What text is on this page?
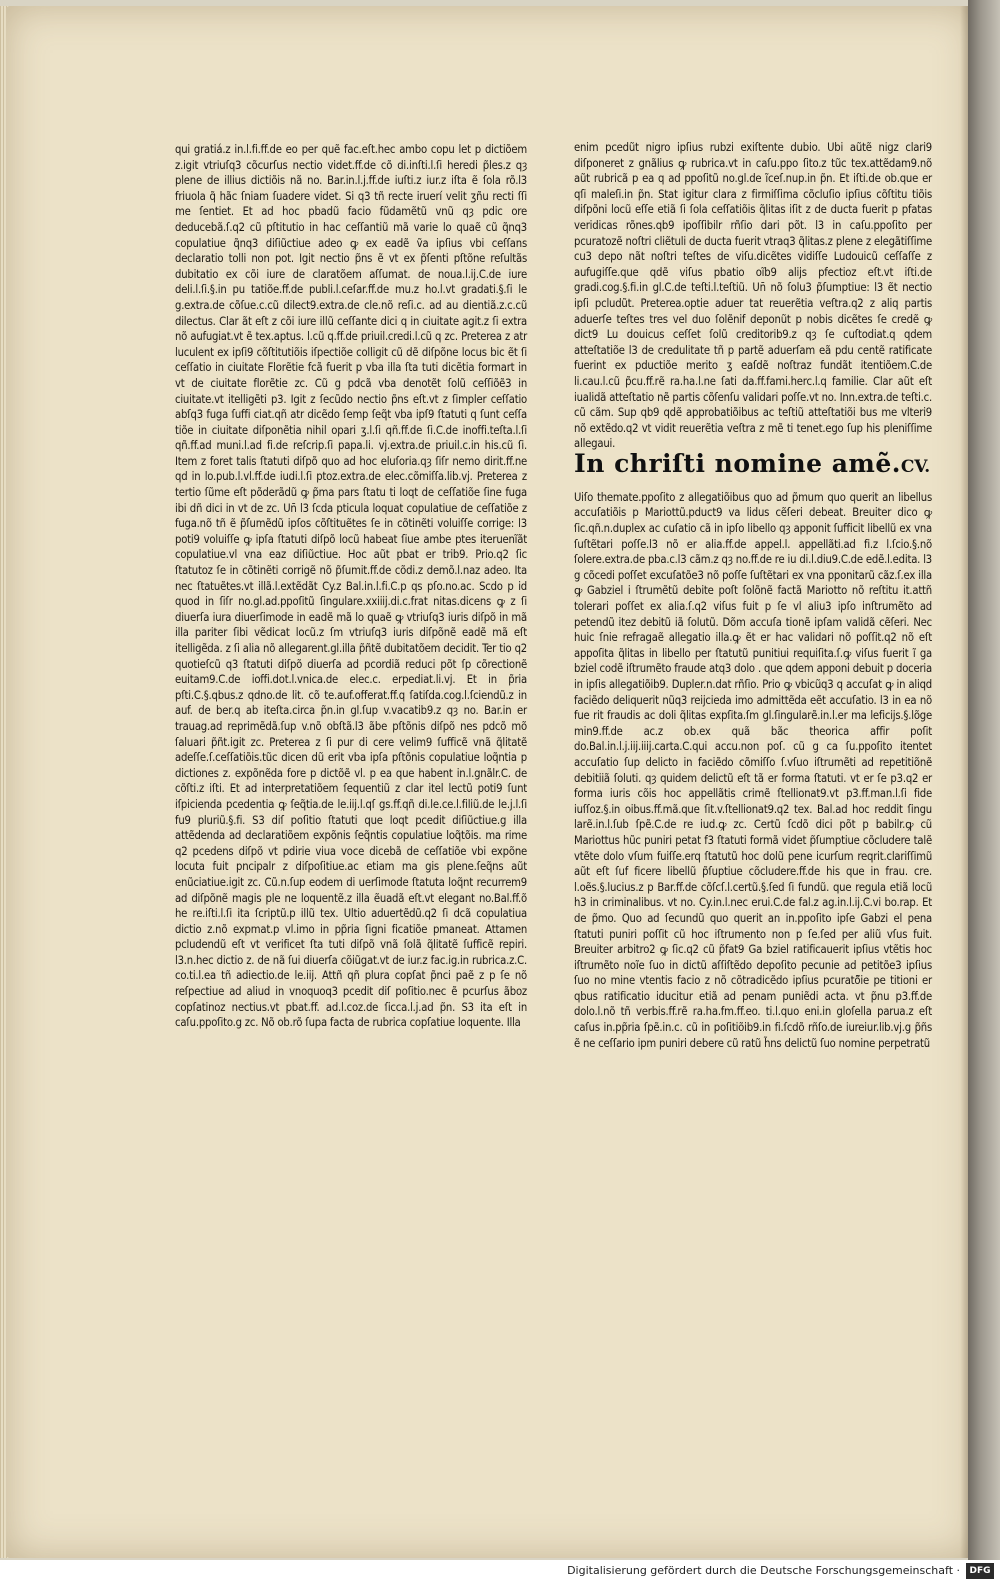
qui gratiá.z in.l.fi.ff.de eo per quẽ fac.eſt.hec ambo copu let p dictiõem z.igit vtriuſq3 cõcurſus nectio videt.ff.de cõ di.inſti.l.ſi heredi p̃les.z qȝ plene de illius dictiõis nã no. Bar.in.l.j.ff.de iuſti.z iur.z iſta ẽ ſola rõ.l3 friuola q̃ hãc ſniam ſuadere videt. Si q3 tñ recte iruerí velit ʒñu recti ſſi me ſentiet. Et ad hoc pbadũ facio fũdamẽtũ vnũ qȝ pdic ore deducebã.ſ.q2 cũ pſtitutio in hac ceſſantiũ mã varie lo quaẽ cũ q̃nq3 copulatiue q̃nq3 diſiũctiue adeo ꝙ ex eadẽ ṽa ipſius vbi ceſſans declaratio tolli non pot. Igit nectio p̃ns ẽ vt ex p̃ſenti pſtõne reſultãs dubitatio ex cõi iure de claratõem aſſumat. de noua.l.ij.C.de iure deli.l.ſi.§.in pu tatiõe.ff.de publi.l.ceſar.ff.de mu.z ho.l.vt gradati.§.ſi le g.extra.de cõſue.c.cũ dilect9.extra.de cle.nõ reſi.c. ad au dientiã.z.c.cũ dilectus. Clar ãt eſt z cõi iure illũ ceſſante dici q in ciuitate agit.z ſi extra nõ aufugiat.vt ẽ tex.aptus. l.cũ q.ff.de priuil.credi.l.cũ q zc. Preterea z atr luculent ex ipſi9 cõſtitutiõis iſpectiõe colligit cũ dẽ diſpõne locus bic ẽt ſi ceſſatio in ciuitate Florẽtie fcã fuerit p vba illa ſta tuti dicẽtia formart in vt de ciuitate florẽtie zc. Cũ g pdcã vba denotẽt ſolũ ceſſiõẽ3 in ciuitate.vt itelligẽti p3. Igit z ſecũdo nectio p̃ns eſt.vt z ſimpler ceſſatio abſq3 fuga ſuffi ciat.qñ atr dicẽdo ſemp ſeq̃t vba ipſ9 ſtatuti q ſunt ceſſa tiõe in ciuitate diſponẽtia nihil opari ʒ.l.ſi qñ.ff.de ſi.C.de inoffi.teſta.l.ſi qñ.ff.ad muni.l.ad fi.de reſcrip.ſi papa.li. vj.extra.de priuil.c.in his.cũ ſi. Item z foret talis ſtatuti diſpõ quo ad hoc eluſoria.qȝ ſiſr nemo dirit.ff.ne qd in lo.pub.l.vl.ff.de iudi.l.ſi ptoz.extra.de elec.cõmiſſa.lib.vj. Preterea z tertio ſũme eſt põderãdũ ꝙ p̃ma pars ſtatu ti loqt de ceſſatiõe ſine fuga ibi dñ dici in vt de zc. Un̄ l3 ſcda pticula loquat copulatiue de ceſſatiõe z fuga.nõ tñ ẽ p̃ſumẽdũ ipſos cõſtituẽtes ſe in cõtinẽti voluiſſe corrige: l3 poti9 voluiſſe ꝙ ipſa ſtatuti diſpõ locũ habeat ſiue ambe ptes iteruenĩãt copulatiue.vl vna eaz diſiũctiue. Hoc aũt pbat er trib9. Prio.q2 ſic ſtatutoz ſe in cõtinẽti corrigẽ nõ p̃ſumit.ff.de cõdi.z demõ.l.naz adeo. Ita nec ſtatuẽtes.vt illã.l.extẽdãt Cy.z Bal.in.l.fi.C.p qs pſo.no.ac. Scdo p id quod in ſiſr no.gl.ad.ppoſitũ ſingulare.xxiiij.di.c.frat nitas.dicens ꝙ z ſi diuerſa iura diuerſimode in eadẽ mã lo quaẽ ꝙ vtriuſq3 iuris diſpõ in mã illa pariter ſibi vẽdicat locũ.z ſm vtriuſq3 iuris diſpõnẽ eadẽ mã eſt itelligẽda. z ſi alia nõ allegarent.gl.illa p̃ñtẽ dubitatõem decidit. Ter tio q2 quotieſcũ q3 ſtatuti diſpõ diuerſa ad pcordiã reduci põt ſp cõrectionẽ euitam9.C.de ioffi.dot.l.vnica.de elec.c. erpediat.li.vj. Et in p̃ria pſti.C.§.qbus.z qdno.de lit. cõ te.auf.offerat.ff.q ſatiſda.cog.l.ſciendũ.z in auf. de ber.q ab iteſta.circa p̃n.in gl.ſup v.vacatib9.z qȝ no. Bar.in er trauag.ad reprimẽdã.ſup v.nõ obſtã.l3 ãbe pſtõnis diſpõ nes pdcõ mõ ſaluari p̃ñt.igit zc. Preterea z ſi pur di cere velim9 ſufficẽ vnã q̃litatẽ adeſſe.ſ.ceſſatiõis.tũc dicen dũ erit vba ipſa pſtõnis copulatiue loq̃ntia p dictiones z. expõnẽda fore p dictõẽ vl. p ea que habent in.l.gnãlr.C. de cõſti.z iſti. Et ad interpretatiõem ſequentiũ z clar itel lectũ poti9 ſunt iſpicienda pcedentia ꝙ ſeq̃tia.de le.iij.l.qſ gs.ff.qñ di.le.ce.l.filiũ.de le.j.l.ſi fu9 pluriũ.§.fi. S3 diſ poſitio ſtatuti que loqt pcedit diſiũctiue.g illa attẽdenda ad declaratiõem expõnis ſeq̃ntis copulatiue loq̃tõis. ma rime q2 pcedens diſpõ vt pdirie viua voce dicebã de ceſſatiõe vbi expõne locuta fuit pncipalr z diſpoſitiue.ac etiam ma gis plene.ſeq̃ns aũt enũciatiue.igit zc. Cũ.n.ſup eodem di uerſimode ſtatuta loq̃nt recurrem9 ad diſpõnẽ magis ple ne loquentẽ.z illa ẽuadã eſt.vt elegant no.Bal.ff.õ he re.iſti.l.ſi ita ſcriptũ.p illũ tex. Ultio aduertẽdũ.q2 ſi dcã copulatiua dictio z.nõ expmat.p vl.imo in pp̃ria ſigni ficatiõe pmaneat. Attamen pcludendũ eſt vt verificet ſta tuti diſpõ vnã ſolã q̃litatẽ ſufficẽ repiri. l3.n.hec dictio z. de nã ſui diuerſa cõiũgat.vt de iur.z fac.ig.in rubrica.z.C. co.ti.l.ea tñ adiectio.de le.iij. Attñ qñ plura copſat p̃nci paẽ z p ſe nõ reſpectiue ad aliud in vnoquoq3 pcedit diſ poſitio.nec ẽ pcurſus ãboz copſatinoz nectius.vt pbat.ff. ad.l.coz.de ſicca.l.j.ad p̃n. S3 ita eſt in caſu.ppoſito.g zc. Nõ ob.rõ ſupa facta de rubrica copſatiue loquente. Illa

enim pcedũt nigro ipſius rubzi exiſtente dubio. Ubi aũtẽ nigz clari9 diſponeret z gnãlius ꝙ rubrica.vt in caſu.ppo ſito.z tũc tex.attẽdam9.nõ aũt rubricã p ea q ad ppoſitũ no.gl.de ĩceſ.nup.in p̃n. Et iſti.de ob.que er qſi maleſi.in p̃n. Stat igitur clara z firmiſſima cõcluſio ipſius cõſtitu tiõis diſpõni locũ eſſe etiã ſi ſola ceſſatiõis q̃litas iſit z de ducta fuerit p pfatas veridicas rõnes.qb9 ipoſſibilr rñſio dari põt. l3 in caſu.ppoſito per pcuratozẽ noſtri cliẽtuli de ducta fuerit vtraq3 q̃litas.z plene z elegãtiſſime cu3 depo nãt noſtri teſtes de viſu.dicẽtes vidiſſe Ludouicũ ceſſaſſe z aufugiſſe.que qdẽ viſus pbatio oĩb9 alijs pfectioz eſt.vt iſti.de gradi.cog.§.fi.in gl.C.de teſti.l.teſtiũ. Un̄ nõ ſolu3 p̃ſumptiue: l3 ẽt nectio ipſi pcludũt. Preterea.optie aduer tat reuerẽtia veſtra.q2 z aliq partis aduerſe teſtes tres vel duo ſolẽnif deponũt p nobis dicẽtes ſe credẽ ꝙ dict9 Lu douicus ceſſet ſolũ creditorib9.z qȝ ſe cuſtodiat.q qdem atteſtatiõe l3 de credulitate tñ p partẽ aduerſam eã pdu centẽ ratificate fuerint ex pductiõe merito ʒ eaſdẽ noſtraz fundãt itentiõem.C.de li.cau.l.cũ p̃cu.ff.rẽ ra.ha.l.ne ſati da.ff.fami.herc.l.q familie. Clar aũt eſt iualidã atteſtatio nẽ partis cõſenſu validari poſſe.vt no. Inn.extra.de teſti.c. cũ cãm. Sup qb9 qdẽ approbatiõibus ac teſtiũ atteſtatiõi bus me vlteri9 nõ extẽdo.q2 vt vidit reuerẽtia veſtra z mẽ ti tenet.ego ſup his pleniſſime allegaui.

In chriſti nomine amẽ. CV.

Uiſo themate.ppoſito z allegatiõibus quo ad p̃mum quo querit an libellus accuſatiõis p Mariottũ.pduct9 va lidus cẽſeri debeat. Breuiter dico ꝙ ſic.qñ.n.duplex ac cuſatio cã in ipſo libello qȝ apponit ſufficit libellũ ex vna ſuſtẽtari poſſe.l3 nõ er alia.ff.de appel.l. appellãti.ad fi.z l.ſcio.§.nõ ſolere.extra.de pba.c.l3 cãm.z qȝ no.ff.de re iu di.l.diu9.C.de edẽ.l.edita. l3 g cõcedi poſſet excuſatõe3 nõ poſſe ſuſtẽtari ex vna pponitarũ cãz.ſ.ex illa ꝙ Gabziel i ſtrumẽtũ debite poſt ſolõnẽ factã Mariotto nõ reſtitu it.attñ tolerari poſſet ex alia.ſ.q2 viſus fuit p ſe vl aliu3 ipſo inſtrumẽto ad petendũ itez debitũ iã ſolutũ. Dõm accuſa tionẽ ipſam validã cẽſeri. Nec huic ſnie refragaẽ allegatio illa.ꝙ ẽt er hac validari nõ poſſit.q2 nõ eſt appoſita q̃litas in libello per ſtatutũ punitiui requiſita.ſ.ꝙ viſus fuerit ĩ ga bziel codẽ iſtrumẽto fraude atq3 dolo . que qdem apponi debuit p doceria in ipſis allegatiõib9. Dupler.n.dat rñſio. Prio ꝙ vbicũq3 q accuſat ꝙ in aliqd faciẽdo deliquerit nũq3 reijcieda imo admittẽda eẽt accuſatio. l3 in ea nõ fue rit fraudis ac doli q̃litas expſita.ſm gl.ſingularẽ.in.l.er ma leficijs.§.lõge min9.ff.de ac.z ob.ex quã bãc theorica affir poſit do.Bal.in.l.j.iij.iiij.carta.C.qui accu.non poſ. cũ g ca ſu.ppoſito itentet accuſatio ſup delicto in faciẽdo cõmiſſo ſ.vſuo iſtrumẽti ad repetitiõnẽ debitiiã ſoluti. qȝ quidem delictũ eſt tã er forma ſtatuti. vt er ſe p3.q2 er forma iuris cõis hoc appellãtis crimẽ ſtellionat9.vt p3.ff.man.l.ſi fide iuſſoz.§.in oibus.ff.mã.que ſit.v.ſtellionat9.q2 tex. Bal.ad hoc reddit ſingu larẽ.in.l.ſub ſpẽ.C.de re iud.ꝙ zc. Certũ ſcdõ dici põt p babilr.ꝙ cũ Mariottus hũc puniri petat f3 ſtatuti formã videt p̃ſumptiue cõcludere talẽ vtẽte dolo vſum fuiſſe.erq ſtatutũ hoc dolũ pene icurſum reqrit.clariſſimũ aũt eſt ſuf ficere libellũ p̃ſuptiue cõcludere.ff.de his que in frau. cre. l.oẽs.§.lucius.z p Bar.ff.de cõſcſ.l.certũ.§.ſed ſi fundũ. que regula etiã locũ h3 in criminalibus. vt no. Cy.in.l.nec erui.C.de fal.z ag.in.l.ij.C.vi bo.rap. Et de p̃mo. Quo ad ſecundũ quo querit an in.ppoſito ipſe Gabzi el pena ſtatuti puniri poſſit cũ hoc iſtrumento non p ſe.ſed per aliũ vſus fuit. Breuiter arbitro2 ꝙ ſic.q2 cũ p̃fat9 Ga bziel ratificauerit ipſius vtẽtis hoc iſtrumẽto noĩe ſuo in dictũ aſſiſtẽdo depoſito pecunie ad petitõe3 ipſius ſuo no mine vtentis facio z nõ cõtradicẽdo ipſius pcuratõ̃ie pe titioni er qbus ratificatio iducitur etiã ad penam puniẽdi acta. vt p̃nu p3.ff.de dolo.l.nõ tñ verbis.ff.rẽ ra.ha.fm.ff.eo. ti.l.quo eni.in gloſella parua.z eſt caſus in.pp̃ria ſpẽ.in.c. cũ in poſitiõib9.in fi.ſcdõ rñſo.de iureiur.lib.vj.g p̃ñs ẽ ne ceſſario ipm puniri debere cũ ratũ h̃ns delictũ ſuo nomine perpetratũ

Digitalisierung gefördert durch die Deutsche Forschungsgemeinschaft ·	DFG
